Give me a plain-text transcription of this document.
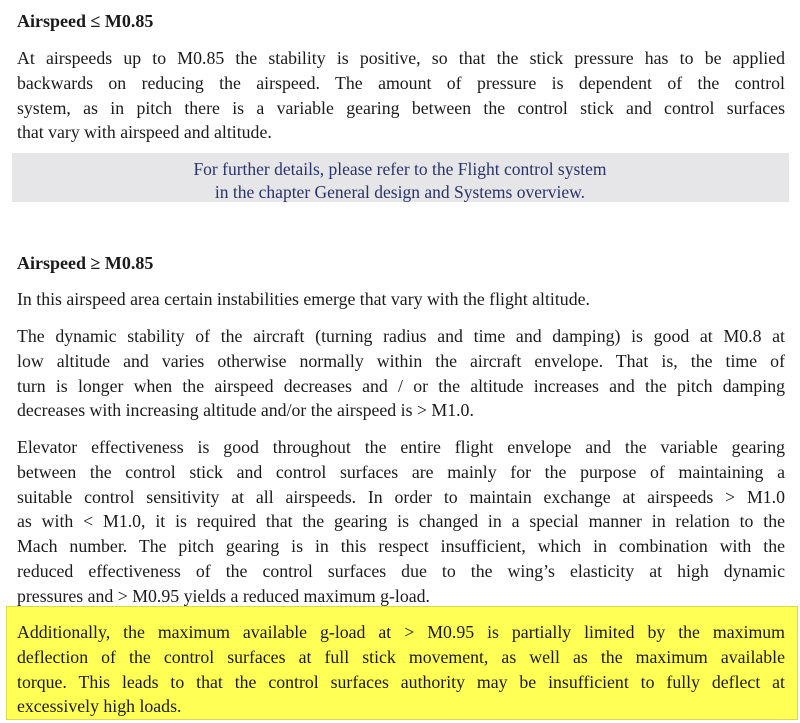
Airspeed ≤ M0.85
At airspeeds up to M0.85 the stability is positive, so that the stick pressure has to be applied
backwards on reducing the airspeed. The amount of pressure is dependent of the control
system, as in pitch there is a variable gearing between the control stick and control surfaces
that vary with airspeed and altitude.
For further details, please refer to the Flight control system
in the chapter General design and Systems overview.
Airspeed ≥ M0.85
In this airspeed area certain instabilities emerge that vary with the flight altitude.
The dynamic stability of the aircraft (turning radius and time and damping) is good at M0.8 at
low altitude and varies otherwise normally within the aircraft envelope. That is, the time of
turn is longer when the airspeed decreases and / or the altitude increases and the pitch damping
decreases with increasing altitude and/or the airspeed is > M1.0.
Elevator effectiveness is good throughout the entire flight envelope and the variable gearing
between the control stick and control surfaces are mainly for the purpose of maintaining a
suitable control sensitivity at all airspeeds. In order to maintain exchange at airspeeds > M1.0
as with < M1.0, it is required that the gearing is changed in a special manner in relation to the
Mach number. The pitch gearing is in this respect insufficient, which in combination with the
reduced effectiveness of the control surfaces due to the wing’s elasticity at high dynamic
pressures and > M0.95 yields a reduced maximum g-load.
Additionally, the maximum available g-load at > M0.95 is partially limited by the maximum
deflection of the control surfaces at full stick movement, as well as the maximum available
torque. This leads to that the control surfaces authority may be insufficient to fully deflect at
excessively high loads.
